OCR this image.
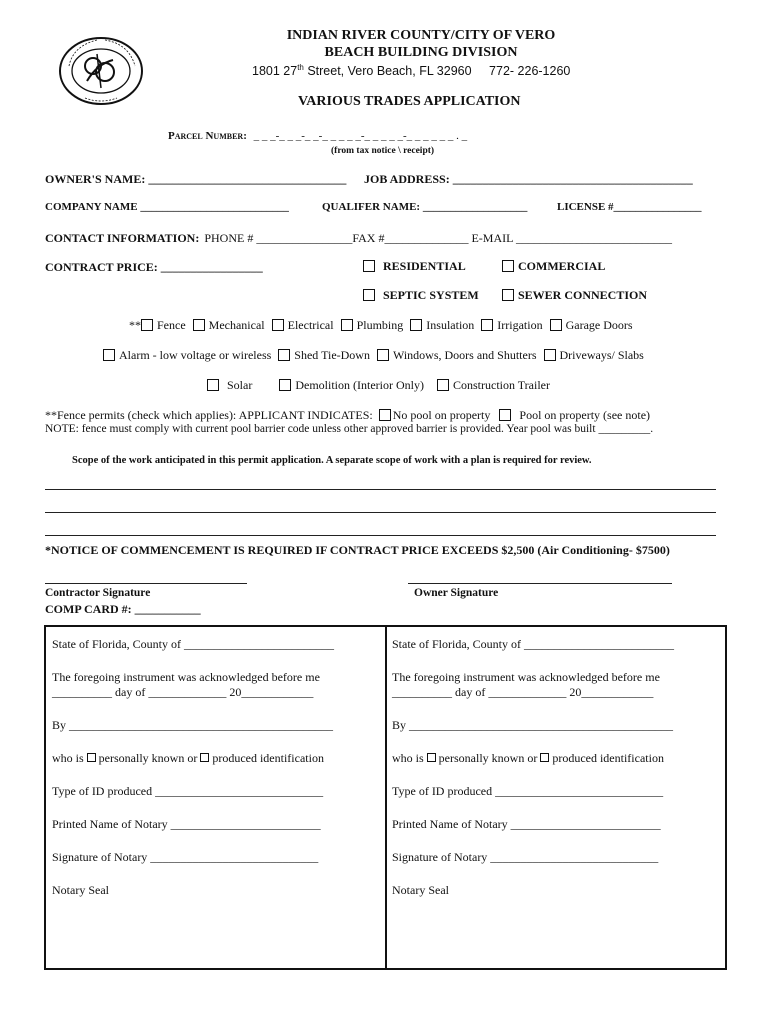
INDIAN RIVER COUNTY/CITY OF VERO
BEACH BUILDING DIVISION
1801 27th Street, Vero Beach, FL 32960 772- 226-1260
VARIOUS TRADES APPLICATION
Parcel Number: _ _ _-_ _ _-_ _-_ _ _ _ _-_ _ _ _ _-_ _ _ _ _ _ . _
(from tax notice \ receipt)
OWNER'S NAME: _________________________________ JOB ADDRESS: ________________________________________
COMPANY NAME ___________________________	QUALIFER NAME: ___________________	LICENSE #________________
CONTACT INFORMATION: PHONE # ________________FAX #______________ E-MAIL __________________________
CONTRACT PRICE: _________________	RESIDENTIAL	COMMERCIAL
SEPTIC SYSTEM	SEWER CONNECTION
** Fence Mechanical Electrical Plumbing Insulation Irrigation Garage Doors
Alarm - low voltage or wireless Shed Tie-Down Windows, Doors and Shutters Driveways/ Slabs
Solar	Demolition (Interior Only) Construction Trailer
**Fence permits (check which applies): APPLICANT INDICATES: No pool on property Pool on property (see note)
NOTE: fence must comply with current pool barrier code unless other approved barrier is provided. Year pool was built _________.
Scope of the work anticipated in this permit application. A separate scope of work with a plan is required for review.
*NOTICE OF COMMENCEMENT IS REQUIRED IF CONTRACT PRICE EXCEEDS $2,500 (Air Conditioning- $7500)
Contractor Signature	Owner Signature
COMP CARD #: ___________
State of Florida, County of _________________________
The foregoing instrument was acknowledged before me
__________ day of _____________ 20____________
By ____________________________________________
who is personally known or produced identification
Type of ID produced ____________________________
Printed Name of Notary _________________________
Signature of Notary ____________________________
Notary Seal
State of Florida, County of _________________________
The foregoing instrument was acknowledged before me
__________ day of _____________ 20____________
By ____________________________________________
who is personally known or produced identification
Type of ID produced ____________________________
Printed Name of Notary _________________________
Signature of Notary ____________________________
Notary Seal
